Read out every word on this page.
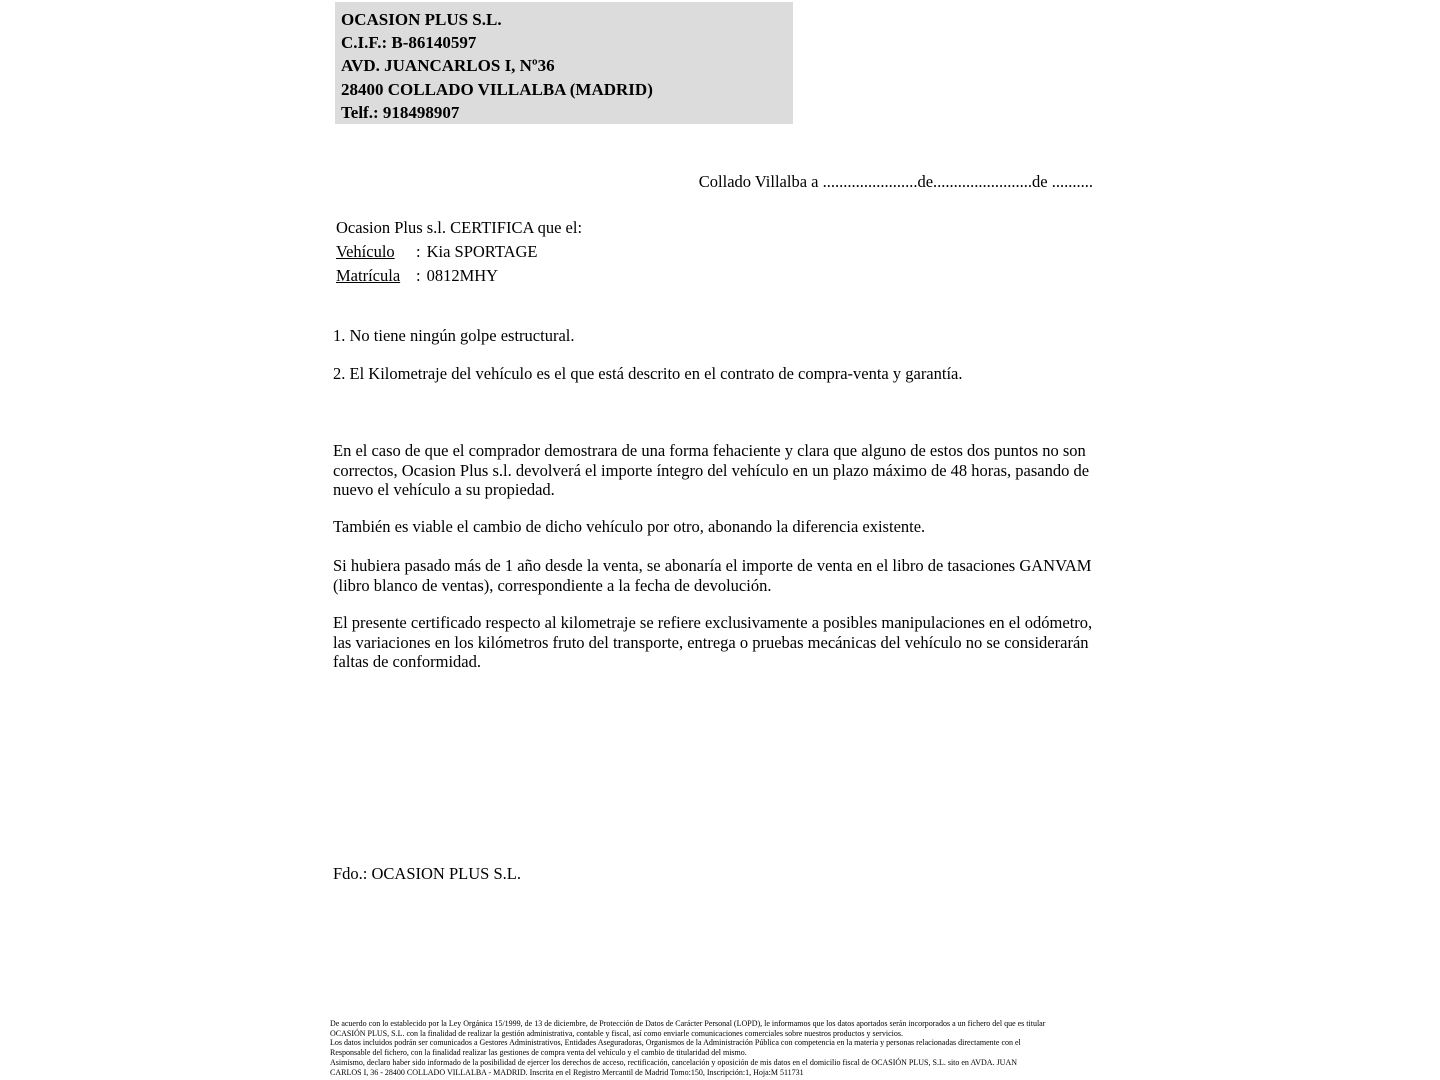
OCASION PLUS S.L.
C.I.F.: B-86140597
AVD. JUANCARLOS I, Nº36
28400 COLLADO VILLALBA (MADRID)
Telf.: 918498907
Collado Villalba a .......................de........................de ..........
Ocasion Plus s.l. CERTIFICA que el:
Vehículo : Kia SPORTAGE
Matrícula : 0812MHY
1. No tiene ningún golpe estructural.
2. El Kilometraje del vehículo es el que está descrito en el contrato de compra-venta y garantía.
En el caso de que el comprador demostrara de una forma fehaciente y clara que alguno de estos dos puntos no son correctos, Ocasion Plus s.l. devolverá el importe íntegro del vehículo en un plazo máximo de 48 horas, pasando de nuevo el vehículo a su propiedad.
También es viable el cambio de dicho vehículo por otro, abonando la diferencia existente.
Si hubiera pasado más de 1 año desde la venta, se abonaría el importe de venta en el libro de tasaciones GANVAM (libro blanco de ventas), correspondiente a la fecha de devolución.
El presente certificado respecto al kilometraje se refiere exclusivamente a posibles manipulaciones en el odómetro, las variaciones en los kilómetros fruto del transporte, entrega o pruebas mecánicas del vehículo no se considerarán faltas de conformidad.
Fdo.: OCASION PLUS S.L.
De acuerdo con lo establecido por la Ley Orgánica 15/1999, de 13 de diciembre, de Protección de Datos de Carácter Personal (LOPD), le informamos que los datos aportados serán incorporados a un fichero del que es titular
OCASIÓN PLUS, S.L. con la finalidad de realizar la gestión administrativa, contable y fiscal, así como enviarle comunicaciones comerciales sobre nuestros productos y servicios.
Los datos incluidos podrán ser comunicados a Gestores Administrativos, Entidades Aseguradoras, Organismos de la Administración Pública con competencia en la materia y personas relacionadas directamente con el
Responsable del fichero, con la finalidad realizar las gestiones de compra venta del vehículo y el cambio de titularidad del mismo.
Asimismo, declaro haber sido informado de la posibilidad de ejercer los derechos de acceso, rectificación, cancelación y oposición de mis datos en el domicilio fiscal de OCASIÓN PLUS, S.L. sito en AVDA. JUAN
CARLOS I, 36 - 28400 COLLADO VILLALBA - MADRID. Inscrita en el Registro Mercantil de Madrid Tomo:150, Inscripción:1, Hoja:M 511731
